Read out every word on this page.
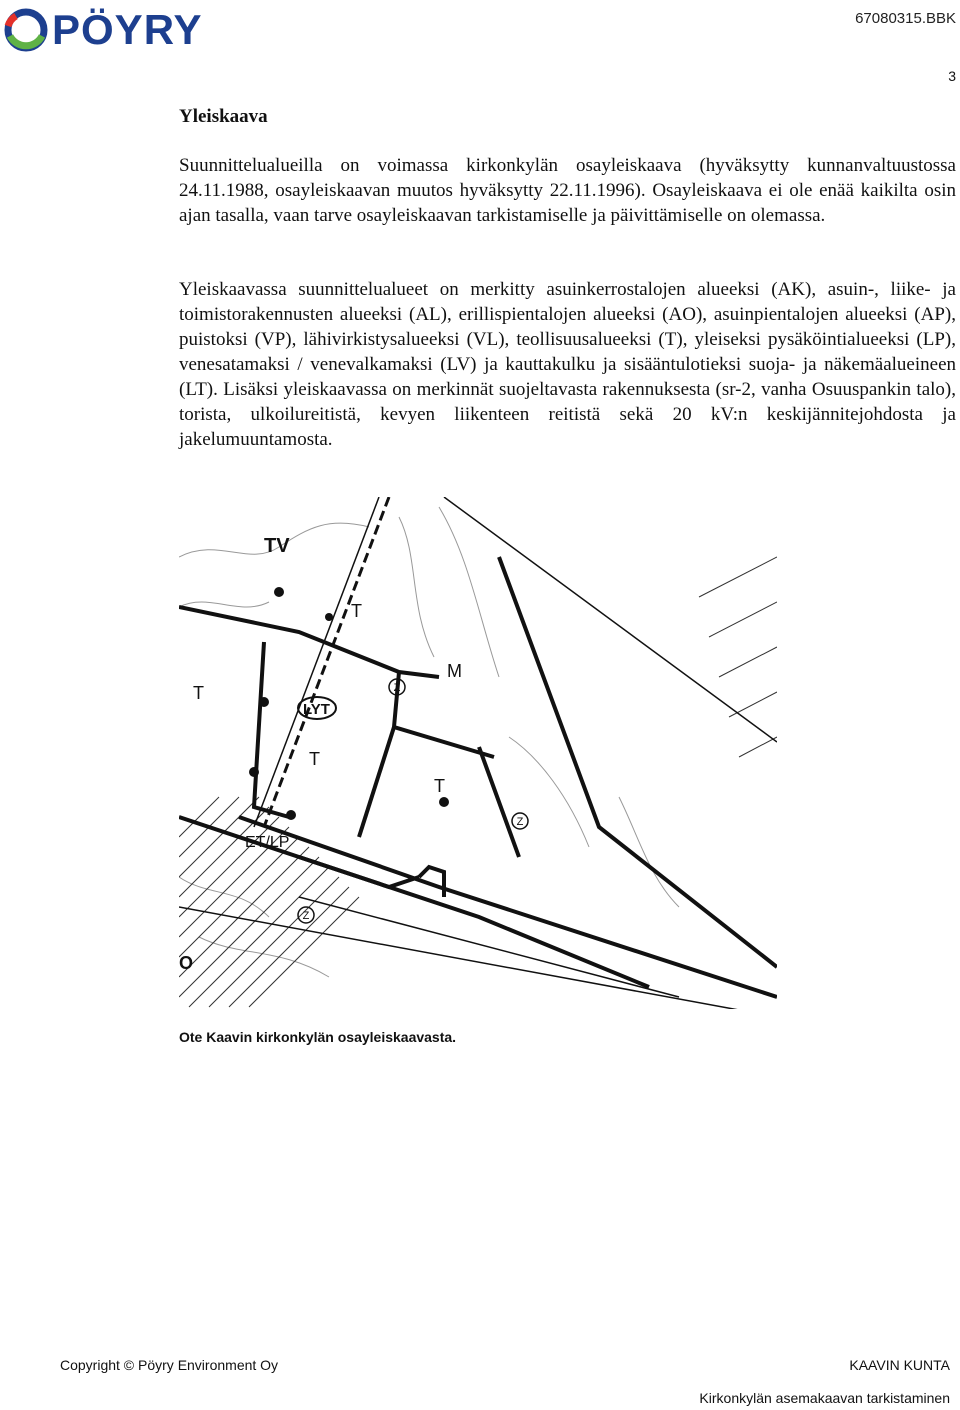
PÖYRY	67080315.BBK
3
Yleiskaava
Suunnittelualueilla on voimassa kirkonkylän osayleiskaava (hyväksytty kunnanvaltuustossa 24.11.1988, osayleiskaavan muutos hyväksytty 22.11.1996). Osayleiskaava ei ole enää kaikilta osin ajan tasalla, vaan tarve osayleiskaavan tarkistamiselle ja päivittämiselle on olemassa.
Yleiskaavassa suunnittelualueet on merkitty asuinkerrostalojen alueeksi (AK), asuin-, liike- ja toimistorakennusten alueeksi (AL), erillispientalojen alueeksi (AO), asuinpientalojen alueeksi (AP), puistoksi (VP), lähivirkistysalueeksi (VL), teollisuusalueeksi (T), yleiseksi pysäköintialueeksi (LP), venesatamaksi / venevalkamaksi (LV) ja kauttakulku ja sisääntulotieksi suoja- ja näkemäalueineen (LT). Lisäksi yleiskaavassa on merkinnät suojeltavasta rakennuksesta (sr-2, vanha Osuuspankin talo), torista, ulkoilureitistä, kevyen liikenteen reitistä sekä 20 kV:n keskijännitejohdosta ja jakelumuuntamosta.
Z
Z
Z
TV
T
M
T
LYT
T
T
ET/LP
O
Ote Kaavin kirkonkylän osayleiskaavasta.
Copyright © Pöyry Environment Oy	KAAVIN KUNTA
Kirkonkylän asemakaavan tarkistaminen
